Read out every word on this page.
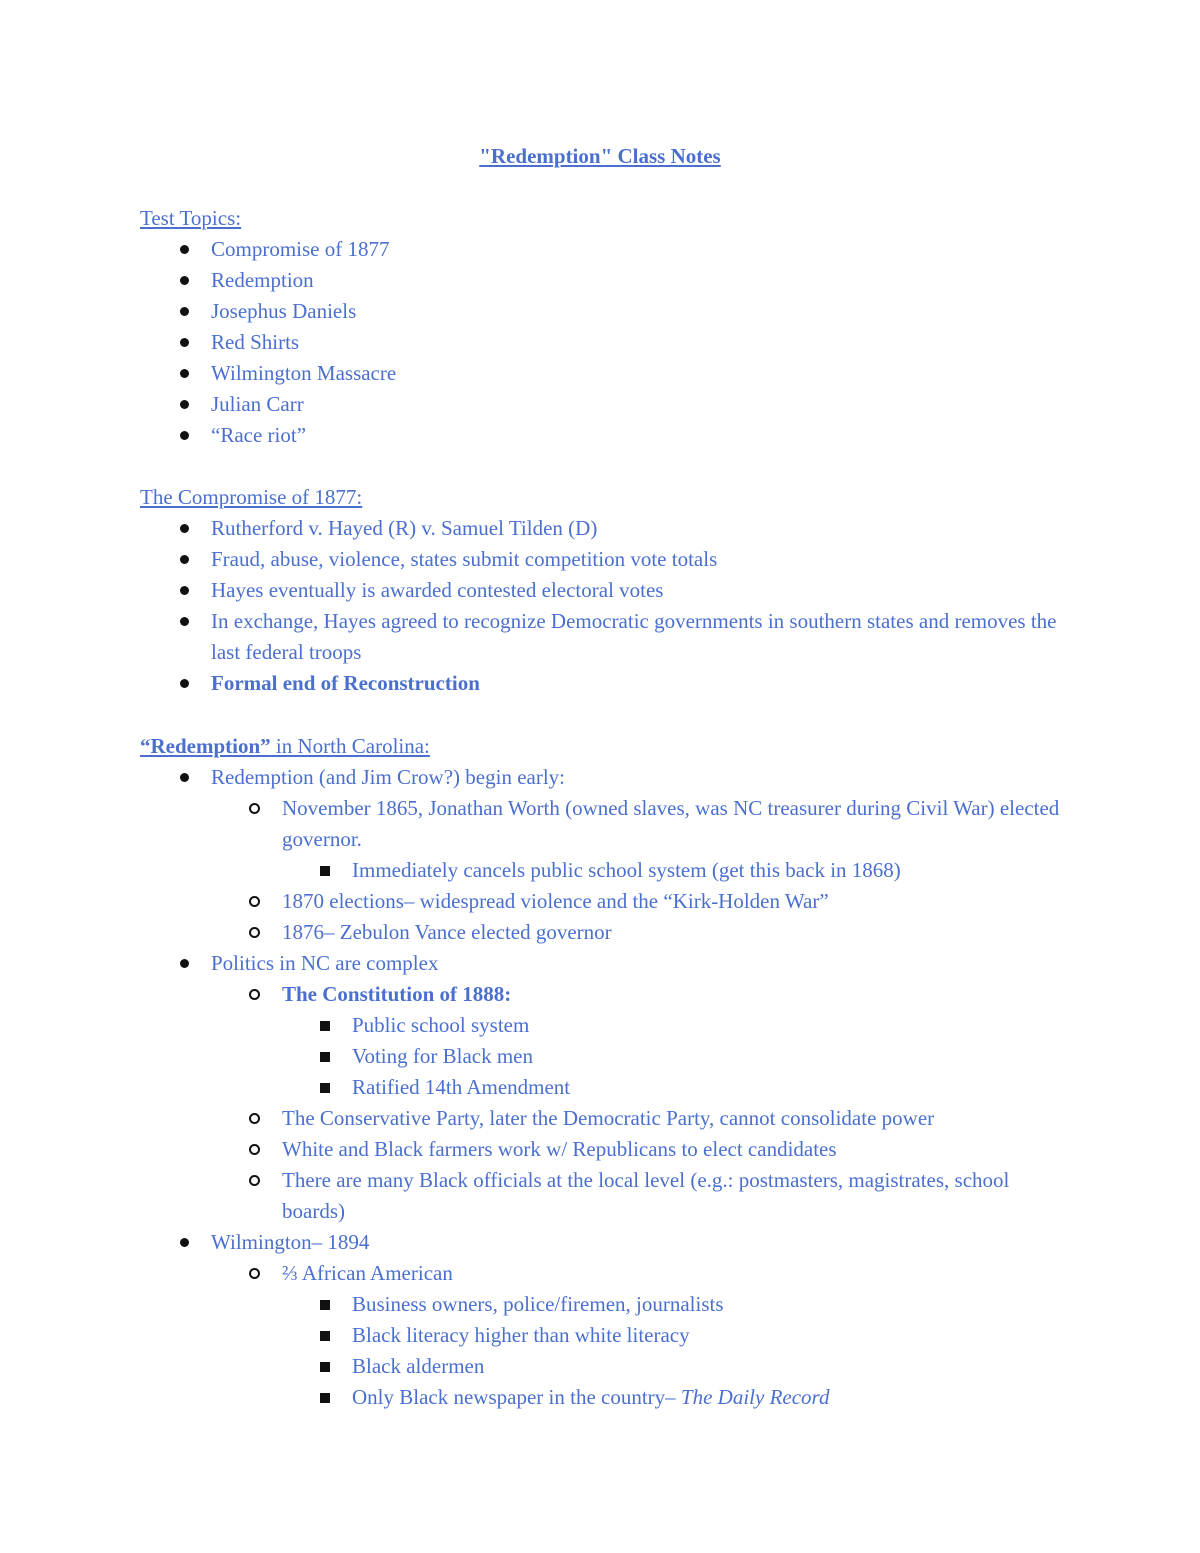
"Redemption" Class Notes
Test Topics:
Compromise of 1877
Redemption
Josephus Daniels
Red Shirts
Wilmington Massacre
Julian Carr
“Race riot”
The Compromise of 1877:
Rutherford v. Hayed (R) v. Samuel Tilden (D)
Fraud, abuse, violence, states submit competition vote totals
Hayes eventually is awarded contested electoral votes
In exchange, Hayes agreed to recognize Democratic governments in southern states and removes the last federal troops
Formal end of Reconstruction
“Redemption” in North Carolina:
Redemption (and Jim Crow?) begin early:
November 1865, Jonathan Worth (owned slaves, was NC treasurer during Civil War) elected governor.
Immediately cancels public school system (get this back in 1868)
1870 elections– widespread violence and the “Kirk-Holden War”
1876– Zebulon Vance elected governor
Politics in NC are complex
The Constitution of 1888:
Public school system
Voting for Black men
Ratified 14th Amendment
The Conservative Party, later the Democratic Party, cannot consolidate power
White and Black farmers work w/ Republicans to elect candidates
There are many Black officials at the local level (e.g.: postmasters, magistrates, school boards)
Wilmington– 1894
⅔ African American
Business owners, police/firemen, journalists
Black literacy higher than white literacy
Black aldermen
Only Black newspaper in the country– The Daily Record
